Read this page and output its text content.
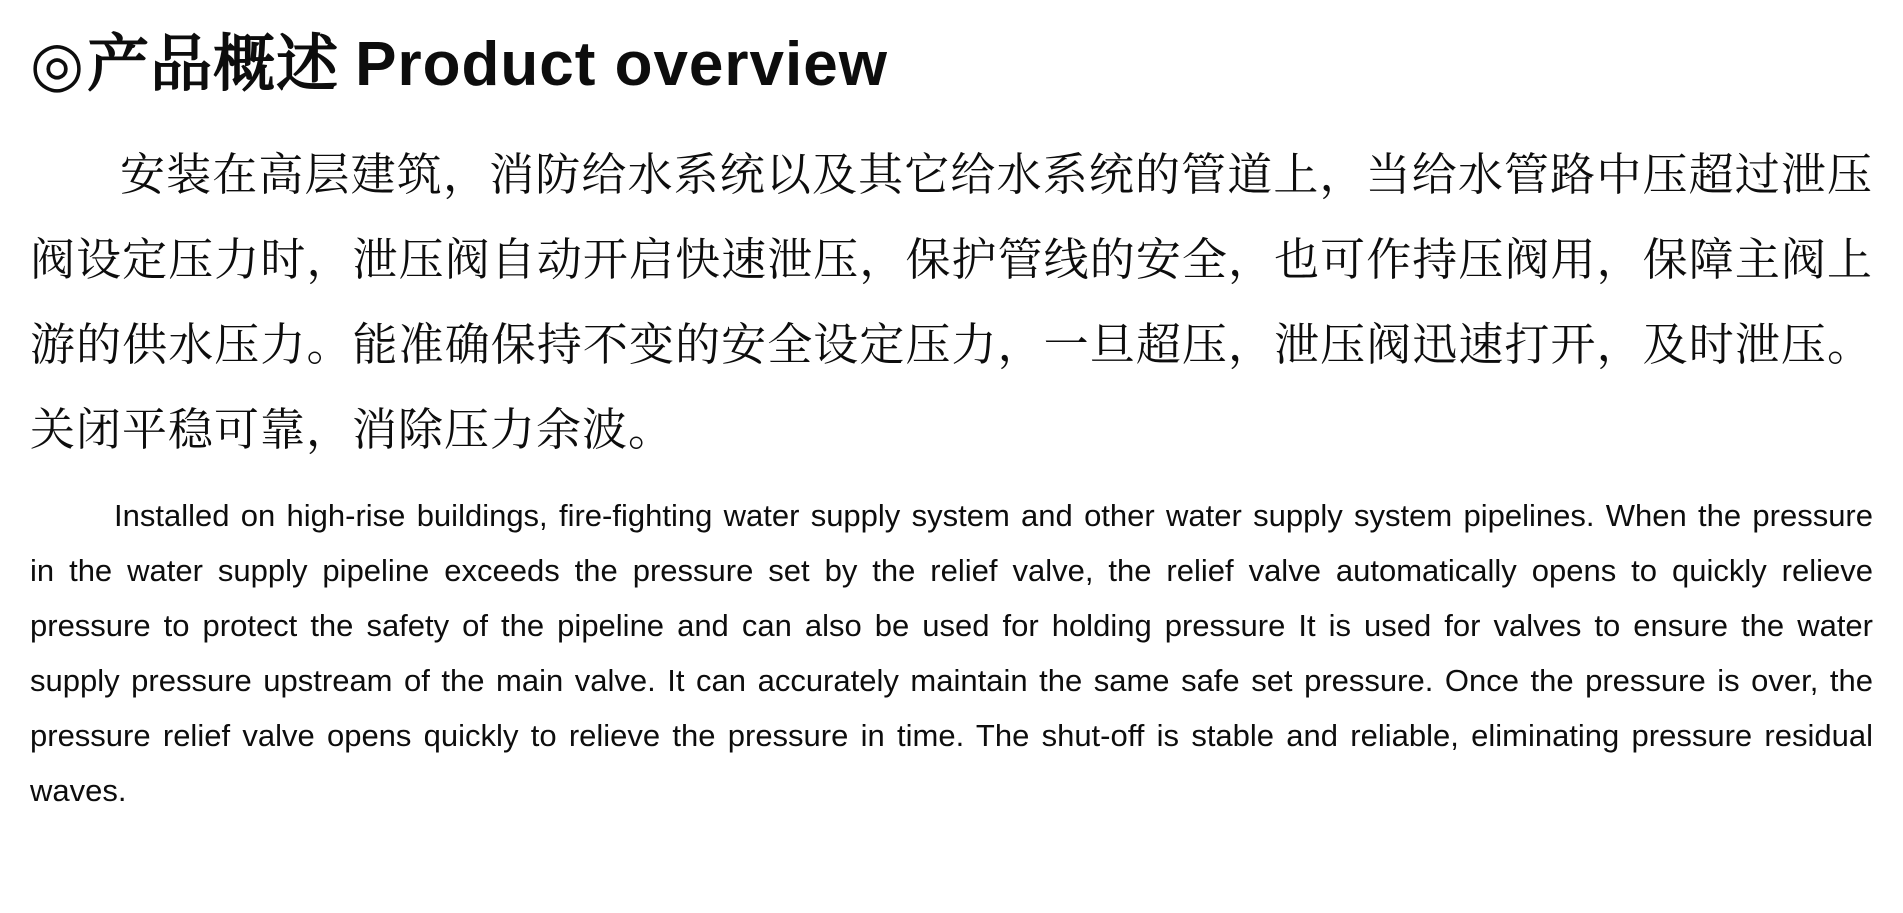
◎产品概述 Product overview

安装在高层建筑，消防给水系统以及其它给水系统的管道上，当给水管路中压超过泄压阀设定压力时，泄压阀自动开启快速泄压，保护管线的安全，也可作持压阀用，保障主阀上游的供水压力。能准确保持不变的安全设定压力，一旦超压，泄压阀迅速打开，及时泄压。关闭平稳可靠，消除压力余波。

Installed on high-rise buildings, fire-fighting water supply system and other water supply system pipelines. When the pressure in the water supply pipeline exceeds the pressure set by the relief valve, the relief valve automatically opens to quickly relieve pressure to protect the safety of the pipeline and can also be used for holding pressure It is used for valves to ensure the water supply pressure upstream of the main valve. It can accurately maintain the same safe set pressure. Once the pressure is over, the pressure relief valve opens quickly to relieve the pressure in time. The shut-off is stable and reliable, eliminating pressure residual waves.
